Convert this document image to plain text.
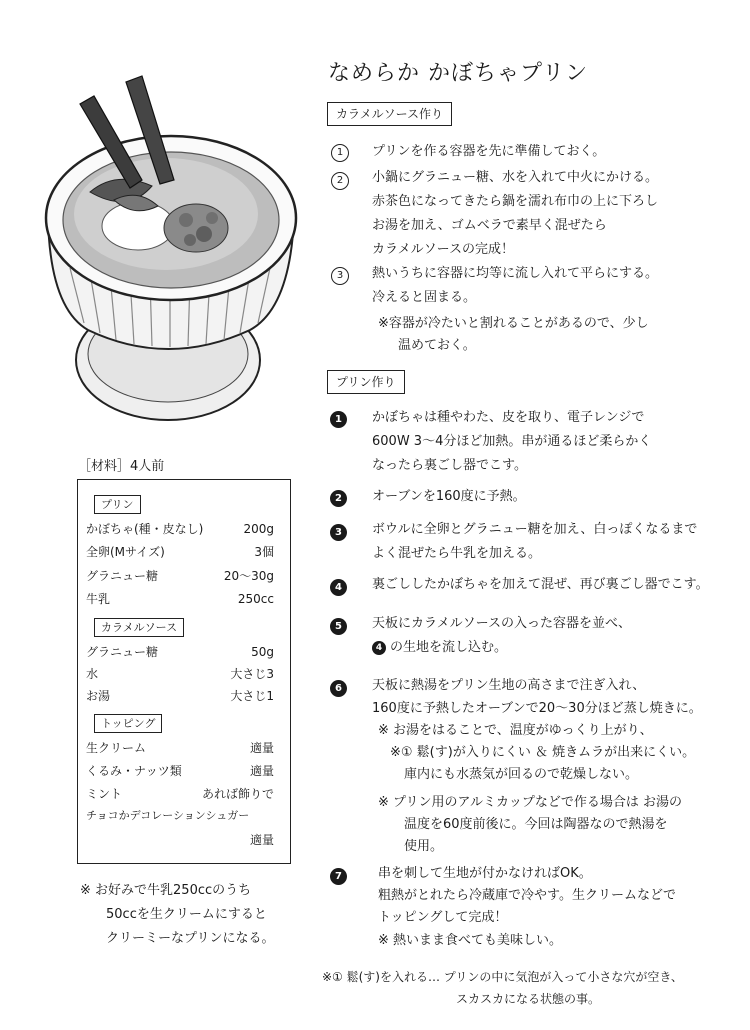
なめらか かぼちゃプリン
カラメルソース作り
1	プリンを作る容器を先に準備しておく。
2	小鍋にグラニュー糖、水を入れて中火にかける。
赤茶色になってきたら鍋を濡れ布巾の上に下ろし
お湯を加え、ゴムベラで素早く混ぜたら
カラメルソースの完成！
3	熱いうちに容器に均等に流し入れて平らにする。
冷えると固まる。
※容器が冷たいと割れることがあるので、少し
温めておく。
プリン作り
1	かぼちゃは種やわた、皮を取り、電子レンジで
600W 3～4分ほど加熱。串が通るほど柔らかく
なったら裏ごし器でこす。
2	オーブンを160度に予熱。
3	ボウルに全卵とグラニュー糖を加え、白っぽくなるまで
よく混ぜたら牛乳を加える。
4	裏ごししたかぼちゃを加えて混ぜ、再び裏ごし器でこす。
5	天板にカラメルソースの入った容器を並べ、
4 の生地を流し込む。
6	天板に熱湯をプリン生地の高さまで注ぎ入れ、
160度に予熱したオーブンで20～30分ほど蒸し焼きに。
※ お湯をはることで、温度がゆっくり上がり、
※① 鬆(す)が入りにくい ＆ 焼きムラが出来にくい。
庫内にも水蒸気が回るので乾燥しない。
※ プリン用のアルミカップなどで作る場合は お湯の
温度を60度前後に。今回は陶器なので熱湯を
使用。
7	串を刺して生地が付かなければOK。
粗熱がとれたら冷蔵庫で冷やす。生クリームなどで
トッピングして完成！
※ 熱いまま食べても美味しい。
※① 鬆(す)を入れる… プリンの中に気泡が入って小さな穴が空き、
スカスカになる状態の事。
［材料］4人前
プリン
かぼちゃ(種・皮なし)	200g
全卵(Mサイズ)	3個
グラニュー糖	20～30g
牛乳	250cc
カラメルソース
グラニュー糖	50g
水	大さじ3
お湯	大さじ1
トッピング
生クリーム	適量
くるみ・ナッツ類	適量
ミント	あれば飾りで
チョコかデコレーションシュガー
適量
※ お好みで牛乳250ccのうち
50ccを生クリームにすると
クリーミーなプリンになる。
